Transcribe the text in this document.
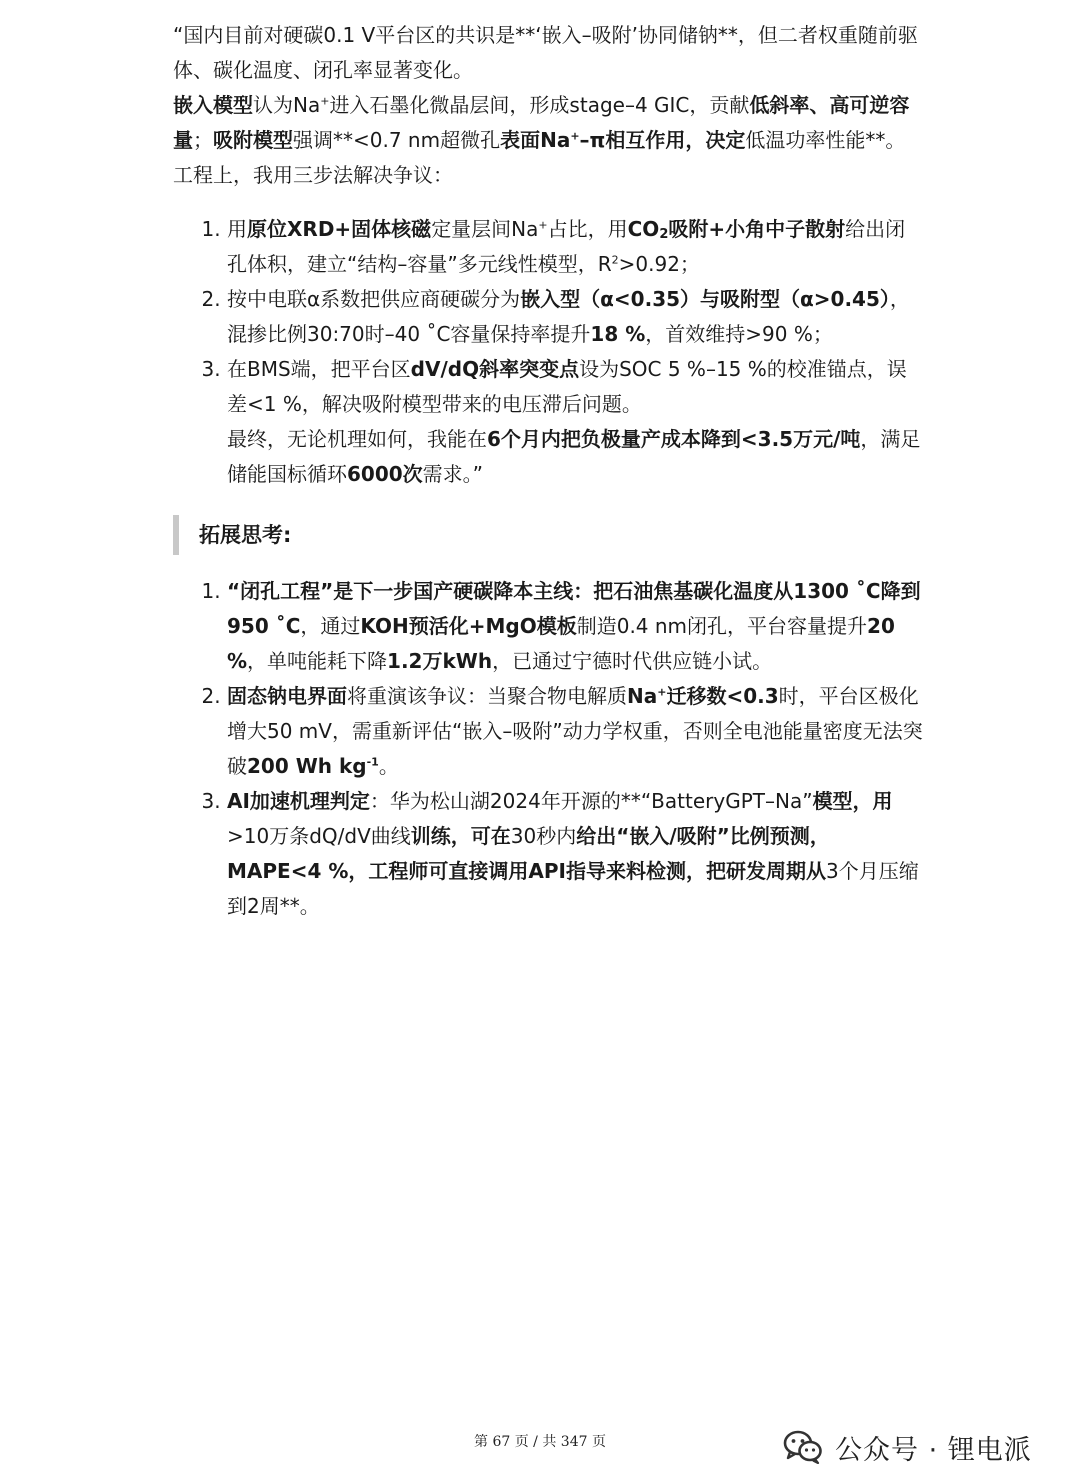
“国内目前对硬碳0.1 V平台区的共识是**‘嵌入–吸附’协同储钠**，但二者权重随前驱体、碳化温度、闭孔率显著变化。

嵌入模型认为Na+进入石墨化微晶层间，形成stage–4 GIC，贡献低斜率、高可逆容量；吸附模型强调**<0.7 nm超微孔表面Na+–π相互作用，决定低温功率性能**。

工程上，我用三步法解决争议：

1. 用原位XRD+固体核磁定量层间Na+占比，用$CO_2$吸附+小角中子散射给出闭孔体积，建立“结构–容量”多元线性模型，$R^2>0.92$；
2. 按中电联α系数把供应商硬碳分为嵌入型（α<0.35）与吸附型（α>0.45），混掺比例30:70时–40 ˚C容量保持率提升18 %，首效维持>90 %；
3. 在BMS端，把平台区dV/dQ斜率突变点设为SOC 5 %–15 %的校准锚点，误差<1 %，解决吸附模型带来的电压滞后问题。
最终，无论机理如何，我能在6个月内把负极量产成本降到<3.5万元/吨，满足储能国标循环6000次需求。”
拓展思考:
1. “闭孔工程”是下一步国产硬碳降本主线：把石油焦基碳化温度从1300 ˚C降到950 ˚C，通过KOH预活化+MgO模板制造0.4 nm闭孔，平台容量提升20 %，单吨能耗下降1.2万kWh，已通过宁德时代供应链小试。
2. 固态钠电界面将重演该争议：当聚合物电解质Na+迁移数<0.3时，平台区极化增大50 mV，需重新评估“嵌入–吸附”动力学权重，否则全电池能量密度无法突破200 Wh $kg^{-1}$。
3. AI加速机理判定：华为松山湖2024年开源的**“BatteryGPT–Na”模型，用>10万条dQ/dV曲线训练，可在30秒内给出“嵌入/吸附”比例预测，MAPE<4 %，工程师可直接调用API指导来料检测，把研发周期从3个月压缩到2周**。
第 67 页 / 共 347 页	公众号 · 锂电派
